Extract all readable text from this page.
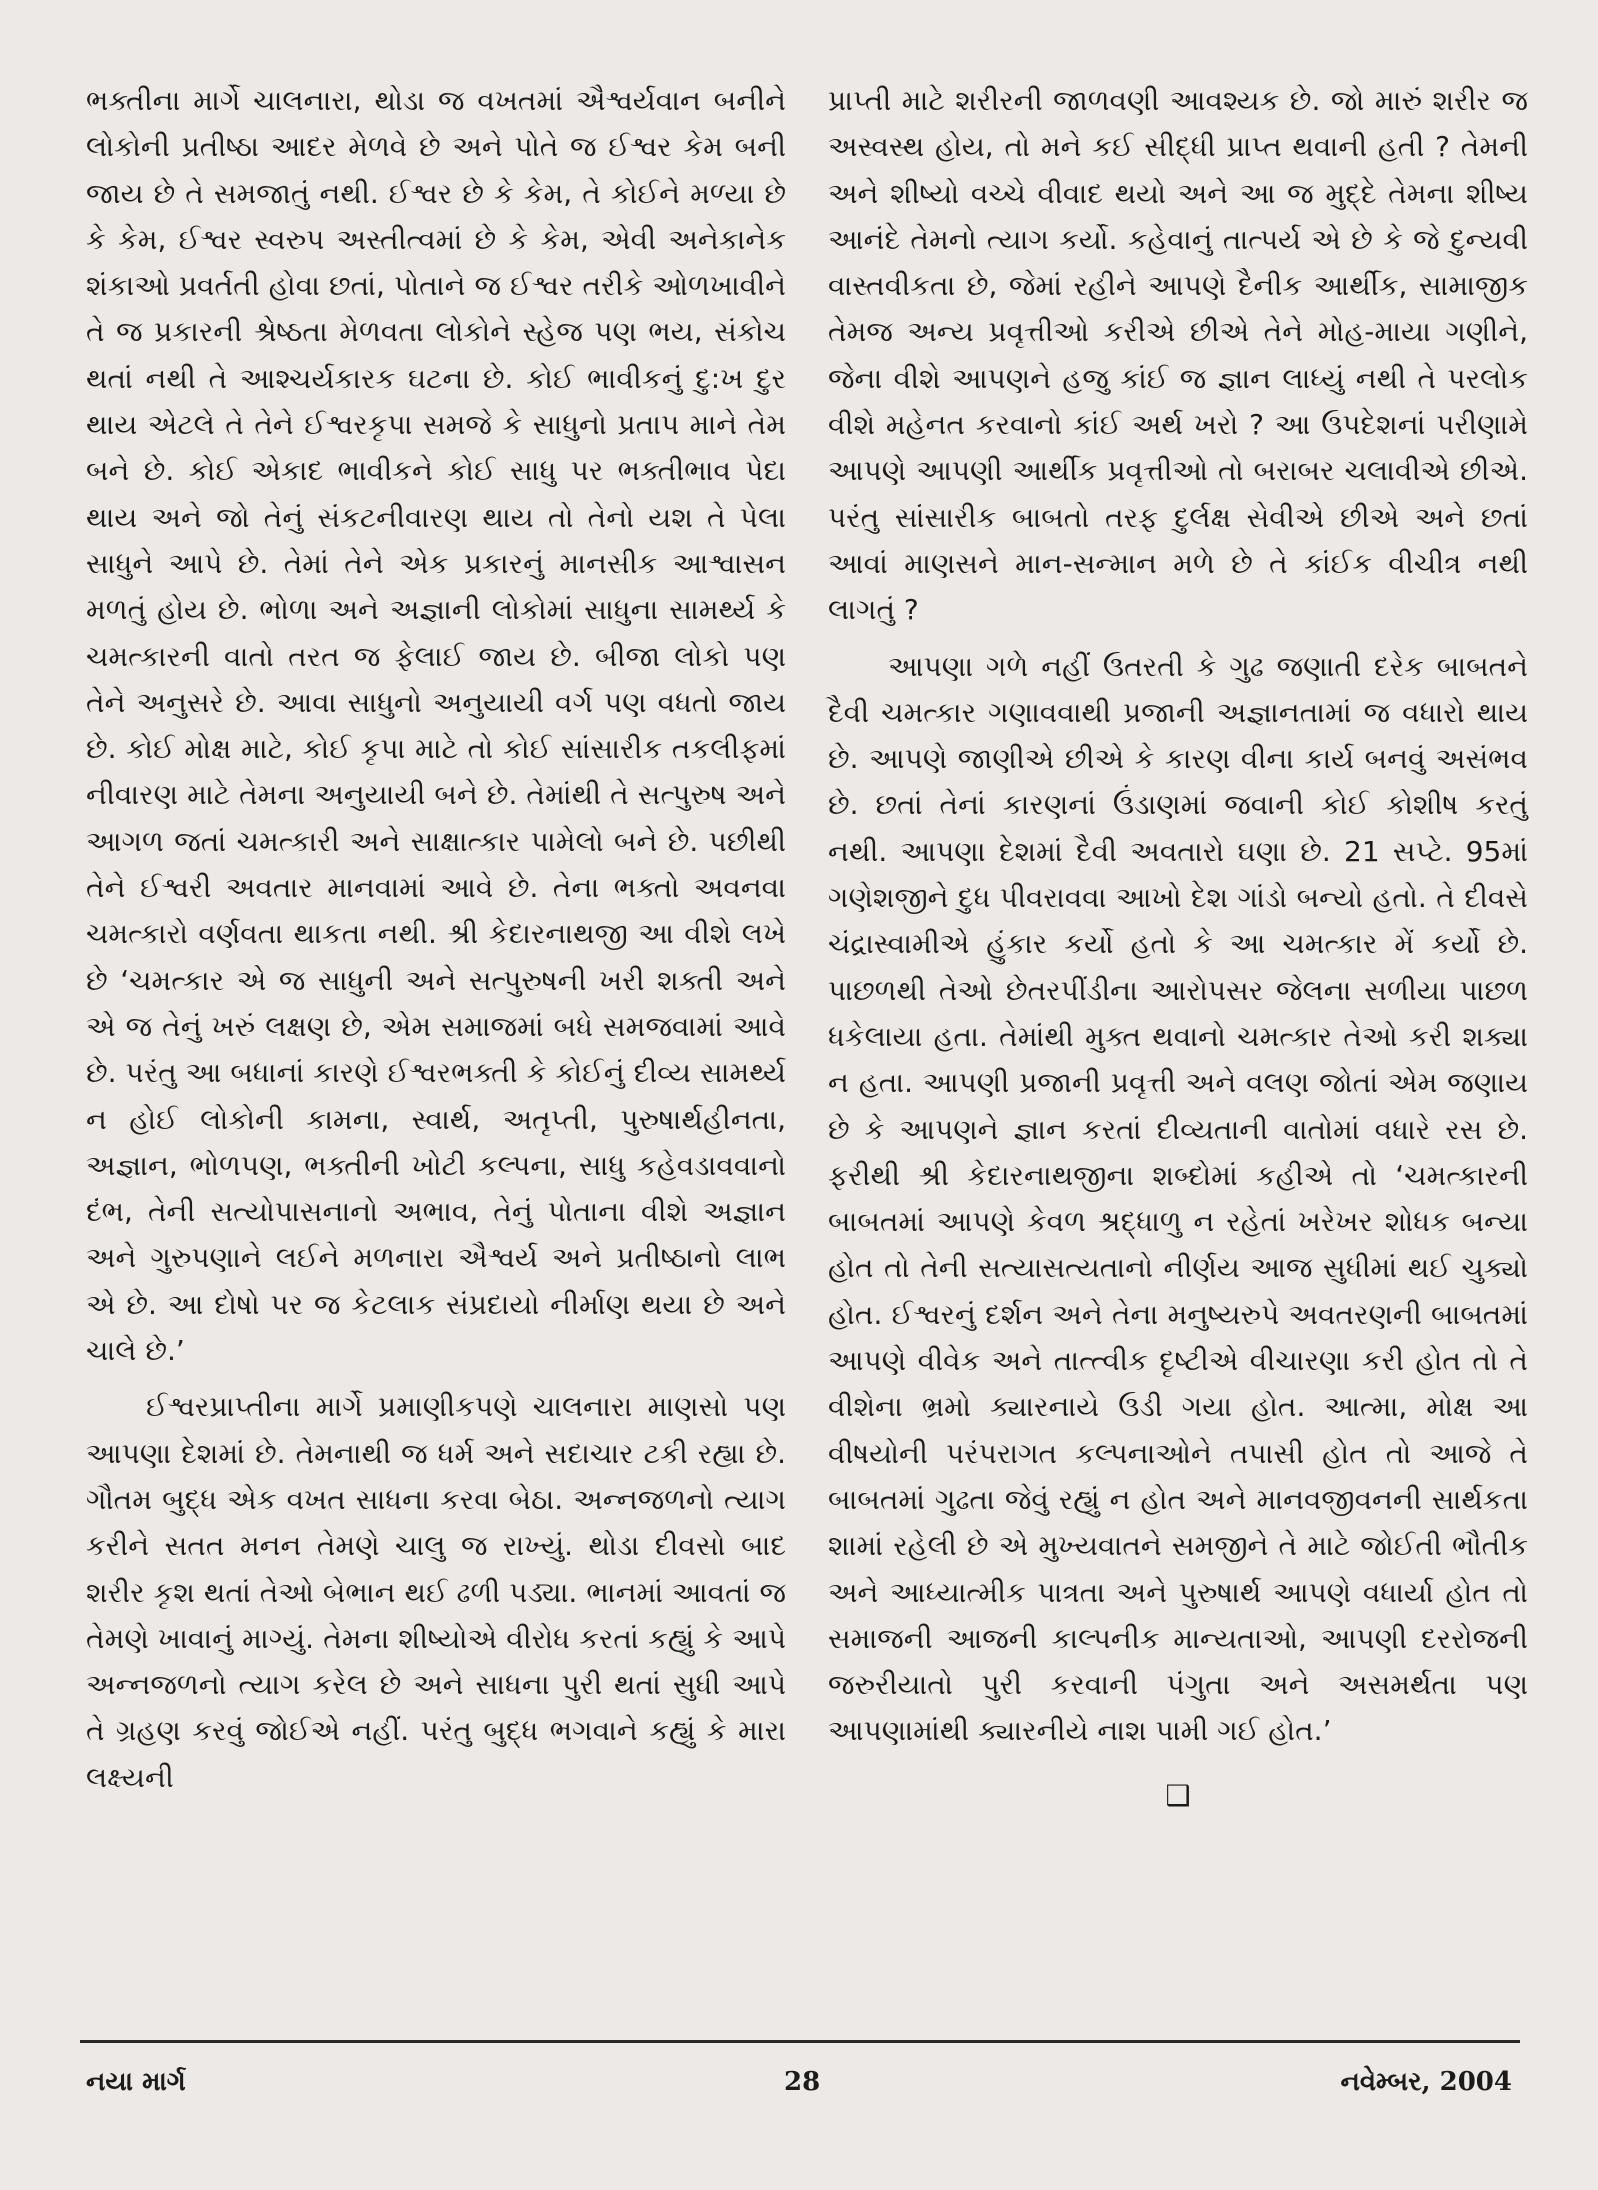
ભક્તીના માર્ગે ચાલનારા, થોડા જ વખતમાં ઐશ્વર્યવાન બનીને લોકોની પ્રતીષ્ઠા આદર મેળવે છે અને પોતે જ ઈશ્વર કેમ બની જાય છે તે સમજાતું નથી. ઈશ્વર છે કે કેમ, તે કોઈને મળ્યા છે કે કેમ, ઈશ્વર સ્વરુપ અસ્તીત્વમાં છે કે કેમ, એવી અનેકાનેક શંકાઓ પ્રવર્તતી હોવા છતાં, પોતાને જ ઈશ્વર તરીકે ઓળખાવીને તે જ પ્રકારની શ્રેષ્ઠતા મેળવતા લોકોને સ્હેજ પણ ભય, સંકોચ થતાં નથી તે આશ્ચર્યકારક ઘટના છે. કોઈ ભાવીકનું દુ:ખ દુર થાય એટલે તે તેને ઈશ્વરકૃપા સમજે કે સાધુનો પ્રતાપ માને તેમ બને છે. કોઈ એકાદ ભાવીકને કોઈ સાધુ પર ભક્તીભાવ પેદા થાય અને જો તેનું સંકટનીવારણ થાય તો તેનો યશ તે પેલા સાધુને આપે છે. તેમાં તેને એક પ્રકારનું માનસીક આશ્વાસન મળતું હોય છે. ભોળા અને અજ્ઞાની લોકોમાં સાધુના સામર્થ્ય કે ચમત્કારની વાતો તરત જ ફેલાઈ જાય છે. બીજા લોકો પણ તેને અનુસરે છે. આવા સાધુનો અનુયાયી વર્ગ પણ વધતો જાય છે. કોઈ મોક્ષ માટે, કોઈ કૃપા માટે તો કોઈ સાંસારીક તકલીફમાં નીવારણ માટે તેમના અનુયાયી બને છે. તેમાંથી તે સત્પુરુષ અને આગળ જતાં ચમત્કારી અને સાક્ષાત્કાર પામેલો બને છે. પછીથી તેને ઈશ્વરી અવતાર માનવામાં આવે છે. તેના ભક્તો અવનવા ચમત્કારો વર્ણવતા થાકતા નથી. શ્રી કેદારનાથજી આ વીશે લખે છે ‘ચમત્કાર એ જ સાધુની અને સત્પુરુષની ખરી શક્તી અને એ જ તેનું ખરું લક્ષણ છે, એમ સમાજમાં બધે સમજવામાં આવે છે. પરંતુ આ બધાનાં કારણે ઈશ્વરભક્તી કે કોઈનું દીવ્ય સામર્થ્ય ન હોઈ લોકોની કામના, સ્વાર્થ, અતૃપ્તી, પુરુષાર્થહીનતા, અજ્ઞાન, ભોળપણ, ભક્તીની ખોટી કલ્પના, સાધુ કહેવડાવવાનો દંભ, તેની સત્યોપાસનાનો અભાવ, તેનું પોતાના વીશે અજ્ઞાન અને ગુરુપણાને લઈને મળનારા ઐશ્વર્ય અને પ્રતીષ્ઠાનો લાભ એ છે. આ દોષો પર જ કેટલાક સંપ્રદાયો નીર્માણ થયા છે અને ચાલે છે.’

ઈશ્વરપ્રાપ્તીના માર્ગે પ્રમાણીકપણે ચાલનારા માણસો પણ આપણા દેશમાં છે. તેમનાથી જ ધર્મ અને સદાચાર ટકી રહ્યા છે. ગૌતમ બુદ્ધ એક વખત સાધના કરવા બેઠા. અન્નજળનો ત્યાગ કરીને સતત મનન તેમણે ચાલુ જ રાખ્યું. થોડા દીવસો બાદ શરીર કૃશ થતાં તેઓ બેભાન થઈ ઢળી પડ્યા. ભાનમાં આવતાં જ તેમણે ખાવાનું માગ્યું. તેમના શીષ્યોએ વીરોધ કરતાં કહ્યું કે આપે અન્નજળનો ત્યાગ કરેલ છે અને સાધના પુરી થતાં સુધી આપે તે ગ્રહણ કરવું જોઈએ નહીં. પરંતુ બુદ્ધ ભગવાને કહ્યું કે મારા લક્ષ્યની

પ્રાપ્તી માટે શરીરની જાળવણી આવશ્યક છે. જો મારું શરીર જ અસ્વસ્થ હોય, તો મને કઈ સીદ્ધી પ્રાપ્ત થવાની હતી ? તેમની અને શીષ્યો વચ્ચે વીવાદ થયો અને આ જ મુદ્દે તેમના શીષ્ય આનંદે તેમનો ત્યાગ કર્યો. કહેવાનું તાત્પર્ય એ છે કે જે દુન્યવી વાસ્તવીકતા છે, જેમાં રહીને આપણે દૈનીક આર્થીક, સામાજીક તેમજ અન્ય પ્રવૃત્તીઓ કરીએ છીએ તેને મોહ-માયા ગણીને, જેના વીશે આપણને હજુ કાંઈ જ જ્ઞાન લાધ્યું નથી તે પરલોક વીશે મહેનત કરવાનો કાંઈ અર્થ ખરો ? આ ઉપદેશનાં પરીણામે આપણે આપણી આર્થીક પ્રવૃત્તીઓ તો બરાબર ચલાવીએ છીએ. પરંતુ સાંસારીક બાબતો તરફ દુર્લક્ષ સેવીએ છીએ અને છતાં આવાં માણસને માન-સન્માન મળે છે તે કાંઈક વીચીત્ર નથી લાગતું ?

આપણા ગળે નહીં ઉતરતી કે ગુઢ જણાતી દરેક બાબતને દૈવી ચમત્કાર ગણાવવાથી પ્રજાની અજ્ઞાનતામાં જ વધારો થાય છે. આપણે જાણીએ છીએ કે કારણ વીના કાર્ય બનવું અસંભવ છે. છતાં તેનાં કારણનાં ઉંડાણમાં જવાની કોઈ કોશીષ કરતું નથી. આપણા દેશમાં દૈવી અવતારો ઘણા છે. 21 સપ્ટે. 95માં ગણેશજીને દુધ પીવરાવવા આખો દેશ ગાંડો બન્યો હતો. તે દીવસે ચંદ્રાસ્વામીએ હુંકાર કર્યો હતો કે આ ચમત્કાર મેં કર્યો છે. પાછળથી તેઓ છેતરપીંડીના આરોપસર જેલના સળીયા પાછળ ધકેલાયા હતા. તેમાંથી મુક્ત થવાનો ચમત્કાર તેઓ કરી શક્યા ન હતા. આપણી પ્રજાની પ્રવૃત્તી અને વલણ જોતાં એમ જણાય છે કે આપણને જ્ઞાન કરતાં દીવ્યતાની વાતોમાં વધારે રસ છે. ફરીથી શ્રી કેદારનાથજીના શબ્દોમાં કહીએ તો ‘ચમત્કારની બાબતમાં આપણે કેવળ શ્રદ્ધાળુ ન રહેતાં ખરેખર શોધક બન્યા હોત તો તેની સત્યાસત્યતાનો નીર્ણય આજ સુધીમાં થઈ ચુક્યો હોત. ઈશ્વરનું દર્શન અને તેના મનુષ્યરુપે અવતરણની બાબતમાં આપણે વીવેક અને તાત્ત્વીક દૃષ્ટીએ વીચારણા કરી હોત તો તે વીશેના ભ્રમો ક્યારનાયે ઉડી ગયા હોત. આત્મા, મોક્ષ આ વીષયોની પરંપરાગત કલ્પનાઓને તપાસી હોત તો આજે તે બાબતમાં ગુઢતા જેવું રહ્યું ન હોત અને માનવજીવનની સાર્થકતા શામાં રહેલી છે એ મુખ્યવાતને સમજીને તે માટે જોઈતી ભૌતીક અને આધ્યાત્મીક પાત્રતા અને પુરુષાર્થ આપણે વધાર્યા હોત તો સમાજની આજની કાલ્પનીક માન્યતાઓ, આપણી દરરોજની જરુરીયાતો પુરી કરવાની પંગુતા અને અસમર્થતા પણ આપણામાંથી ક્યારનીયે નાશ પામી ગઈ હોત.’

❑
નયા માર્ગ	28	નવેમ્બર, 2004
